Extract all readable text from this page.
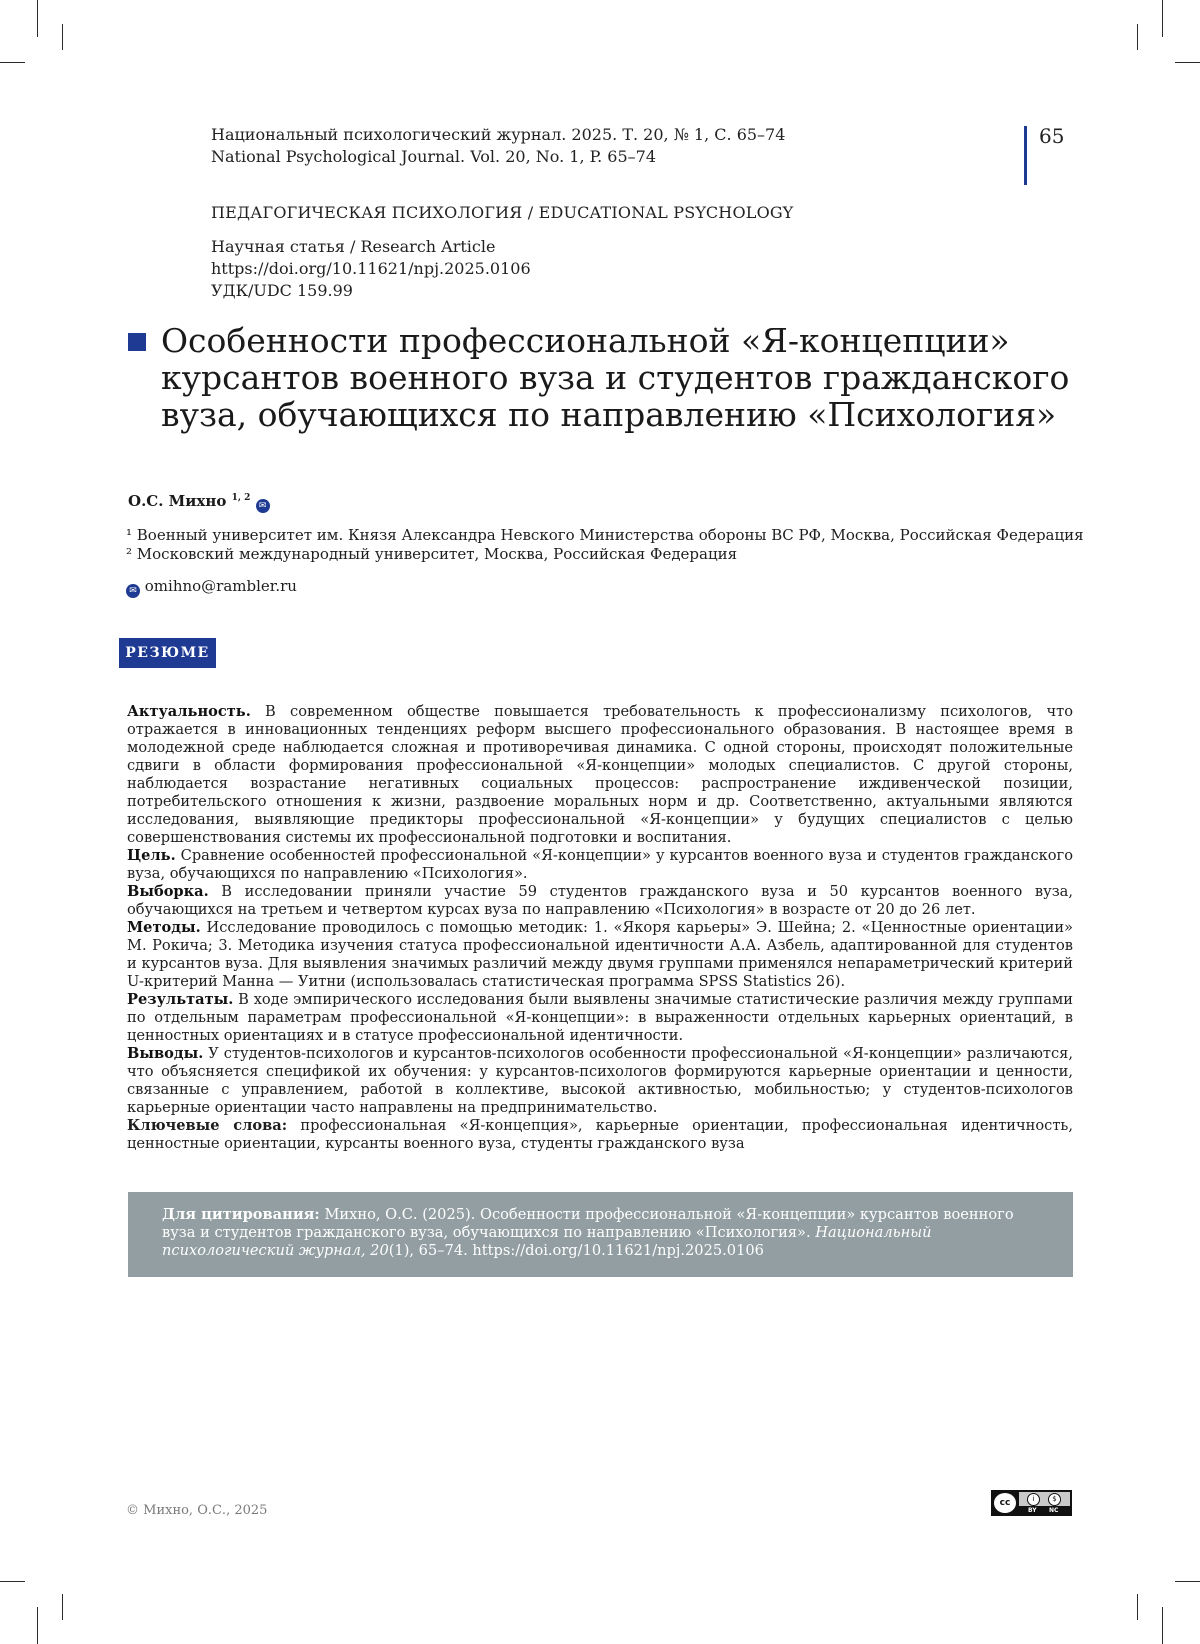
Национальный психологический журнал. 2025. Т. 20, № 1, С. 65–74
National Psychological Journal. Vol. 20, No. 1, P. 65–74
65
ПЕДАГОГИЧЕСКАЯ ПСИХОЛОГИЯ / EDUCATIONAL PSYCHOLOGY
Научная статья / Research Article
https://doi.org/10.11621/npj.2025.0106
УДК/UDC 159.99
Особенности профессиональной «Я-концепции» курсантов военного вуза и студентов гражданского вуза, обучающихся по направлению «Психология»
О.С. Михно 1, 2 ✉
¹ Военный университет им. Князя Александра Невского Министерства обороны ВС РФ, Москва, Российская Федерация
² Московский международный университет, Москва, Российская Федерация
✉ omihno@rambler.ru
РЕЗЮМЕ

Актуальность. В современном обществе повышается требовательность к профессионализму психологов, что отражается в инновационных тенденциях реформ высшего профессионального образования. В настоящее время в молодежной среде наблюдается сложная и противоречивая динамика. С одной стороны, происходят положительные сдвиги в области формирования профессиональной «Я-концепции» молодых специалистов. С другой стороны, наблюдается возрастание негативных социальных процессов: распространение иждивенческой позиции, потребительского отношения к жизни, раздвоение моральных норм и др. Соответственно, актуальными являются исследования, выявляющие предикторы профессиональной «Я-концепции» у будущих специалистов с целью совершенствования системы их профессиональной подготовки и воспитания.

Цель. Сравнение особенностей профессиональной «Я-концепции» у курсантов военного вуза и студентов гражданского вуза, обучающихся по направлению «Психология».

Выборка. В исследовании приняли участие 59 студентов гражданского вуза и 50 курсантов военного вуза, обучающихся на третьем и четвертом курсах вуза по направлению «Психология» в возрасте от 20 до 26 лет.

Методы. Исследование проводилось с помощью методик: 1. «Якоря карьеры» Э. Шейна; 2. «Ценностные ориентации» М. Рокича; 3. Методика изучения статуса профессиональной идентичности А.А. Азбель, адаптированной для студентов и курсантов вуза. Для выявления значимых различий между двумя группами применялся непараметрический критерий U-критерий Манна — Уитни (использовалась статистическая программа SPSS Statistics 26).

Результаты. В ходе эмпирического исследования были выявлены значимые статистические различия между группами по отдельным параметрам профессиональной «Я-концепции»: в выраженности отдельных карьерных ориентаций, в ценностных ориентациях и в статусе профессиональной идентичности.

Выводы. У студентов-психологов и курсантов-психологов особенности профессиональной «Я-концепции» различаются, что объясняется спецификой их обучения: у курсантов-психологов формируются карьерные ориентации и ценности, связанные с управлением, работой в коллективе, высокой активностью, мобильностью; у студентов-психологов карьерные ориентации часто направлены на предпринимательство.

Ключевые слова: профессиональная «Я-концепция», карьерные ориентации, профессиональная идентичность, ценностные ориентации, курсанты военного вуза, студенты гражданского вуза
Для цитирования: Михно, О.С. (2025). Особенности профессиональной «Я-концепции» курсантов военного вуза и студентов гражданского вуза, обучающихся по направлению «Психология». Национальный психологический журнал, 20(1), 65–74. https://doi.org/10.11621/npj.2025.0106
© Михно, О.С., 2025	cc	i	$
BY NC
